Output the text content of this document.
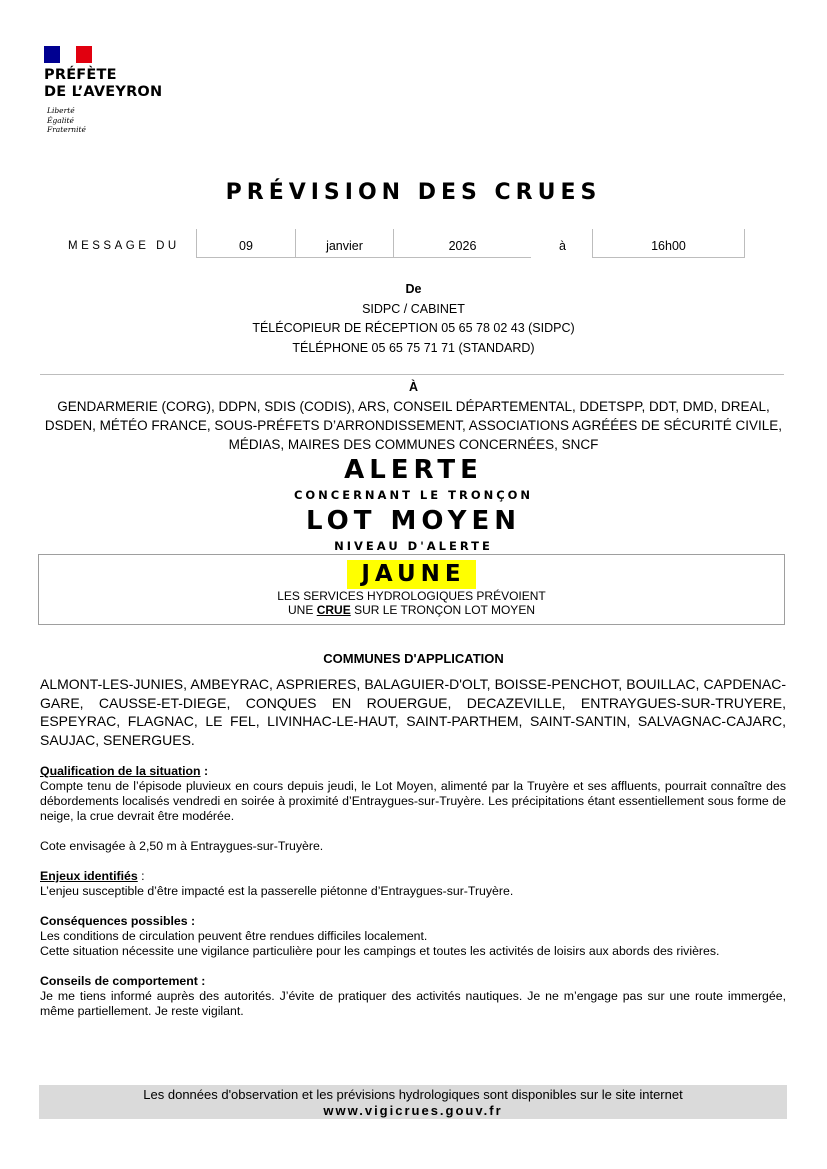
PRÉFÈTE
DE L’AVEYRON
Liberté
Égalité
Fraternité
PRÉVISION DES CRUES
MESSAGE DU	09	janvier	2026	à	16h00
De
SIDPC / CABINET
TÉLÉCOPIEUR DE RÉCEPTION 05 65 78 02 43 (SIDPC)
TÉLÉPHONE 05 65 75 71 71 (STANDARD)
À
GENDARMERIE (CORG), DDPN, SDIS (CODIS), ARS, CONSEIL DÉPARTEMENTAL, DDETSPP, DDT, DMD, DREAL, DSDEN, MÉTÉO FRANCE, SOUS-PRÉFETS D’ARRONDISSEMENT, ASSOCIATIONS AGRÉÉES DE SÉCURITÉ CIVILE, MÉDIAS, MAIRES DES COMMUNES CONCERNÉES, SNCF
ALERTE
CONCERNANT LE TRONÇON
LOT MOYEN
NIVEAU D'ALERTE
JAUNE
LES SERVICES HYDROLOGIQUES PRÉVOIENT
UNE CRUE SUR LE TRONÇON LOT MOYEN
COMMUNES D'APPLICATION
ALMONT-LES-JUNIES, AMBEYRAC, ASPRIERES, BALAGUIER-D'OLT, BOISSE-PENCHOT, BOUILLAC, CAPDENAC-GARE, CAUSSE-ET-DIEGE, CONQUES EN ROUERGUE, DECAZEVILLE, ENTRAYGUES-SUR-TRUYERE, ESPEYRAC, FLAGNAC, LE FEL, LIVINHAC-LE-HAUT, SAINT-PARTHEM, SAINT-SANTIN, SALVAGNAC-CAJARC, SAUJAC, SENERGUES.
Qualification de la situation :

Compte tenu de l’épisode pluvieux en cours depuis jeudi, le Lot Moyen, alimenté par la Truyère et ses affluents, pourrait connaître des débordements localisés vendredi en soirée à proximité d’Entraygues-sur-Truyère. Les précipitations étant essentiellement sous forme de neige, la crue devrait être modérée.

Cote envisagée à 2,50 m à Entraygues-sur-Truyère.

Enjeux identifiés :

L’enjeu susceptible d’être impacté est la passerelle piétonne d’Entraygues-sur-Truyère.

Conséquences possibles :

Les conditions de circulation peuvent être rendues difficiles localement.

Cette situation nécessite une vigilance particulière pour les campings et toutes les activités de loisirs aux abords des rivières.

Conseils de comportement :

Je me tiens informé auprès des autorités. J’évite de pratiquer des activités nautiques. Je ne m’engage pas sur une route immergée, même partiellement. Je reste vigilant.

Les données d'observation et les prévisions hydrologiques sont disponibles sur le site internet
www.vigicrues.gouv.fr
